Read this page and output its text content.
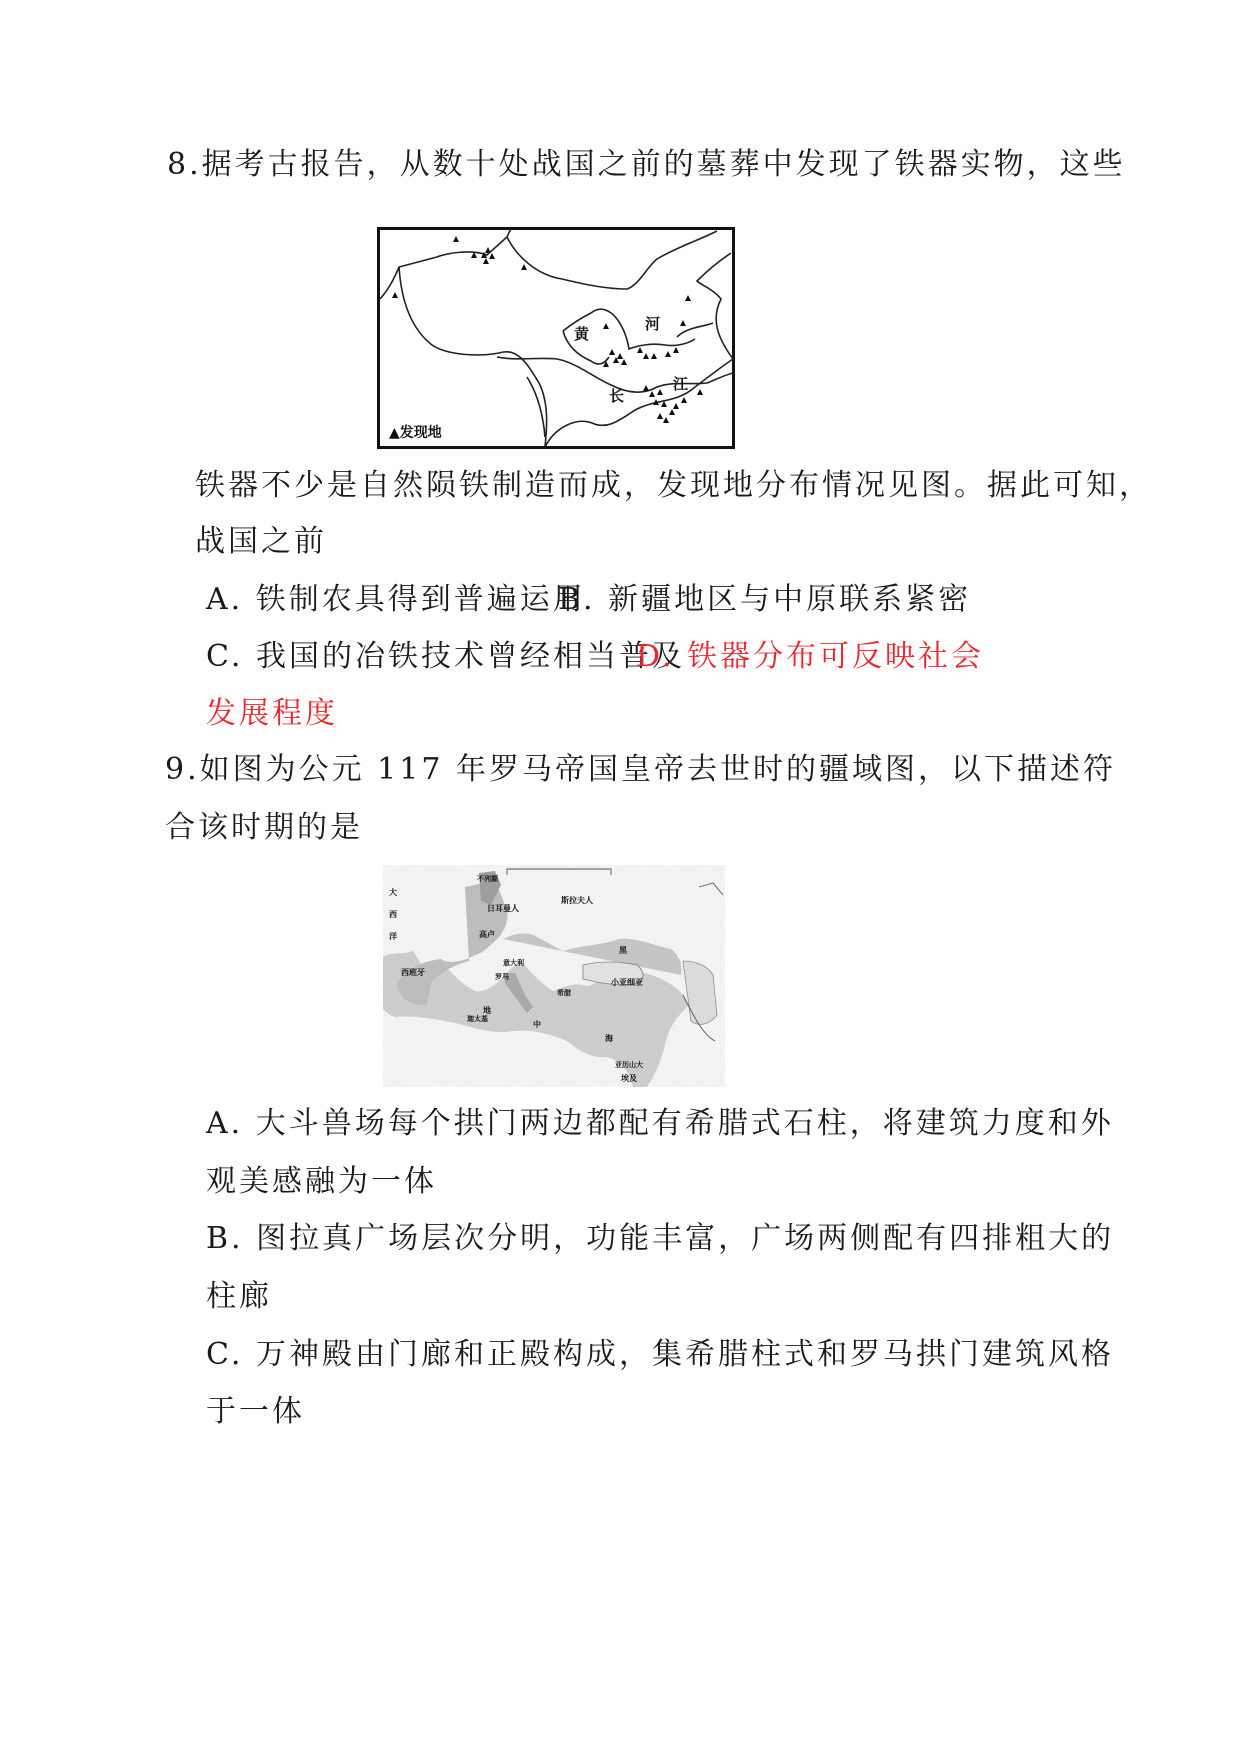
8.据考古报告，从数十处战国之前的墓葬中发现了铁器实物，这些
黄
河
长
江
▲发现地
铁器不少是自然陨铁制造而成，发现地分布情况见图。据此可知，
战国之前
A. 铁制农具得到普遍运用
B. 新疆地区与中原联系紧密
C. 我国的冶铁技术曾经相当普及
D. 铁器分布可反映社会
发展程度
9.如图为公元 117 年罗马帝国皇帝去世时的疆域图，以下描述符
合该时期的是
不列颠
大
西
洋
日耳曼人
斯拉夫人
高卢
西班牙	罗马
意大利
地
中
海
希腊
小亚细亚
迦太基
埃及
亚历山大
黑
A. 大斗兽场每个拱门两边都配有希腊式石柱，将建筑力度和外
观美感融为一体
B. 图拉真广场层次分明，功能丰富，广场两侧配有四排粗大的
柱廊
C. 万神殿由门廊和正殿构成，集希腊柱式和罗马拱门建筑风格
于一体
